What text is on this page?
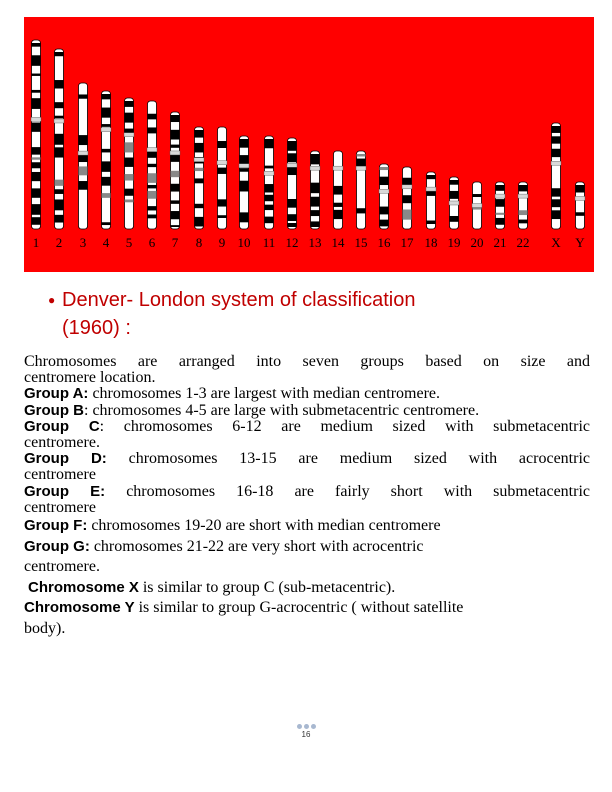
1 2 3 4 5 6 7 8 9 10 11 12 13 14 15 16 17 18 19 20 21 22 X Y
● Denver- London system of classification
(1960) :
Chromosomes are arranged into seven groups based on size and
centromere location.
Group A: chromosomes 1-3 are largest with median centromere.
Group B: chromosomes 4-5 are large with submetacentric centromere.
Group C: chromosomes 6-12 are medium sized with submetacentric
centromere.
Group D: chromosomes 13-15 are medium sized with acrocentric
centromere
Group E: chromosomes 16-18 are fairly short with submetacentric
centromere
Group F: chromosomes 19-20 are short with median centromere
Group G: chromosomes 21-22 are very short with acrocentric
centromere.
Chromosome X is similar to group C (sub-metacentric).
Chromosome Y is similar to group G-acrocentric ( without satellite
body).
16
